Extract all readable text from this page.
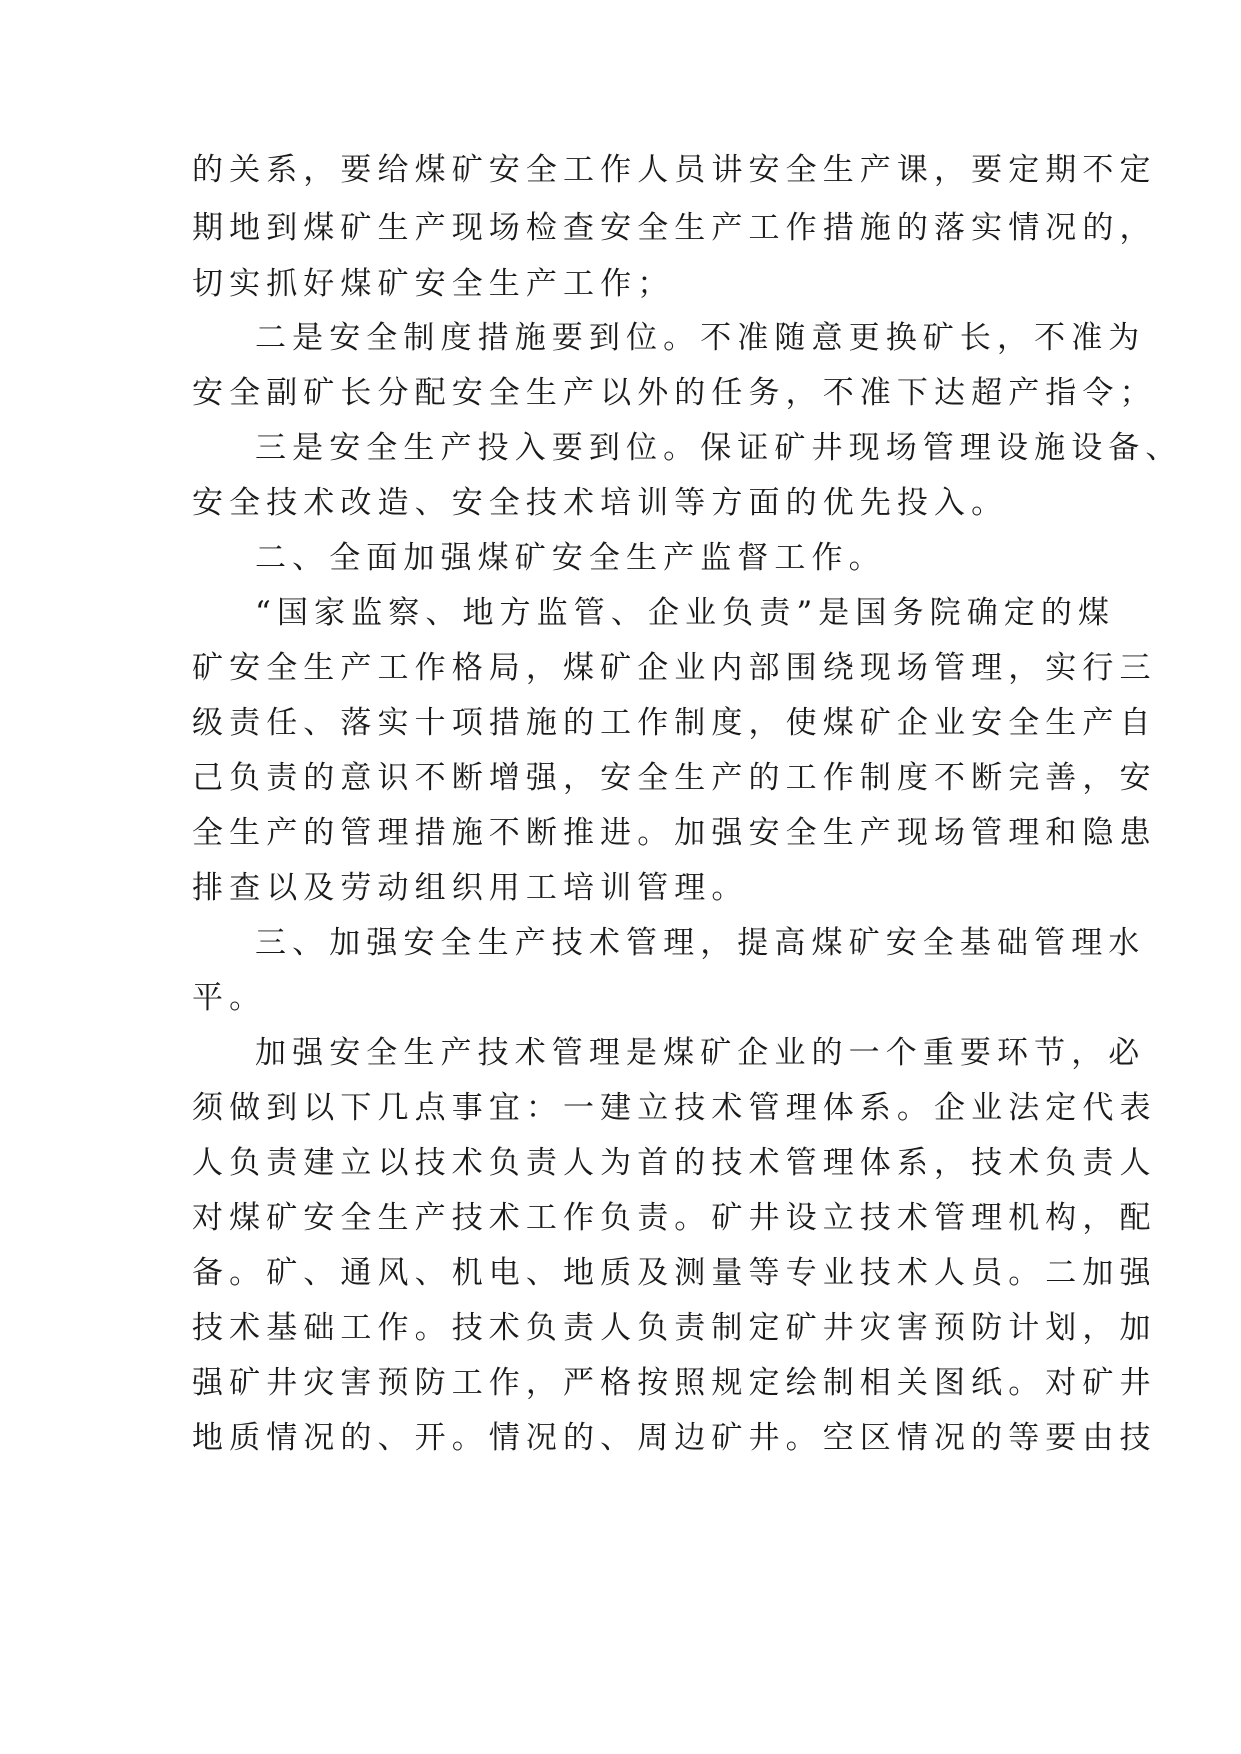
的关系，要给煤矿安全工作人员讲安全生产课，要定期不定
期地到煤矿生产现场检查安全生产工作措施的落实情况的，
切实抓好煤矿安全生产工作；
二是安全制度措施要到位。不准随意更换矿长，不准为
安全副矿长分配安全生产以外的任务，不准下达超产指令；
三是安全生产投入要到位。保证矿井现场管理设施设备、
安全技术改造、安全技术培训等方面的优先投入。
二、全面加强煤矿安全生产监督工作。
“国家监察、地方监管、企业负责”是国务院确定的煤
矿安全生产工作格局，煤矿企业内部围绕现场管理，实行三
级责任、落实十项措施的工作制度，使煤矿企业安全生产自
己负责的意识不断增强，安全生产的工作制度不断完善，安
全生产的管理措施不断推进。加强安全生产现场管理和隐患
排查以及劳动组织用工培训管理。
三、加强安全生产技术管理，提高煤矿安全基础管理水
平。
加强安全生产技术管理是煤矿企业的一个重要环节，必
须做到以下几点事宜：一建立技术管理体系。企业法定代表
人负责建立以技术负责人为首的技术管理体系，技术负责人
对煤矿安全生产技术工作负责。矿井设立技术管理机构，配
备。矿、通风、机电、地质及测量等专业技术人员。二加强
技术基础工作。技术负责人负责制定矿井灾害预防计划，加
强矿井灾害预防工作，严格按照规定绘制相关图纸。对矿井
地质情况的、开。情况的、周边矿井。空区情况的等要由技
